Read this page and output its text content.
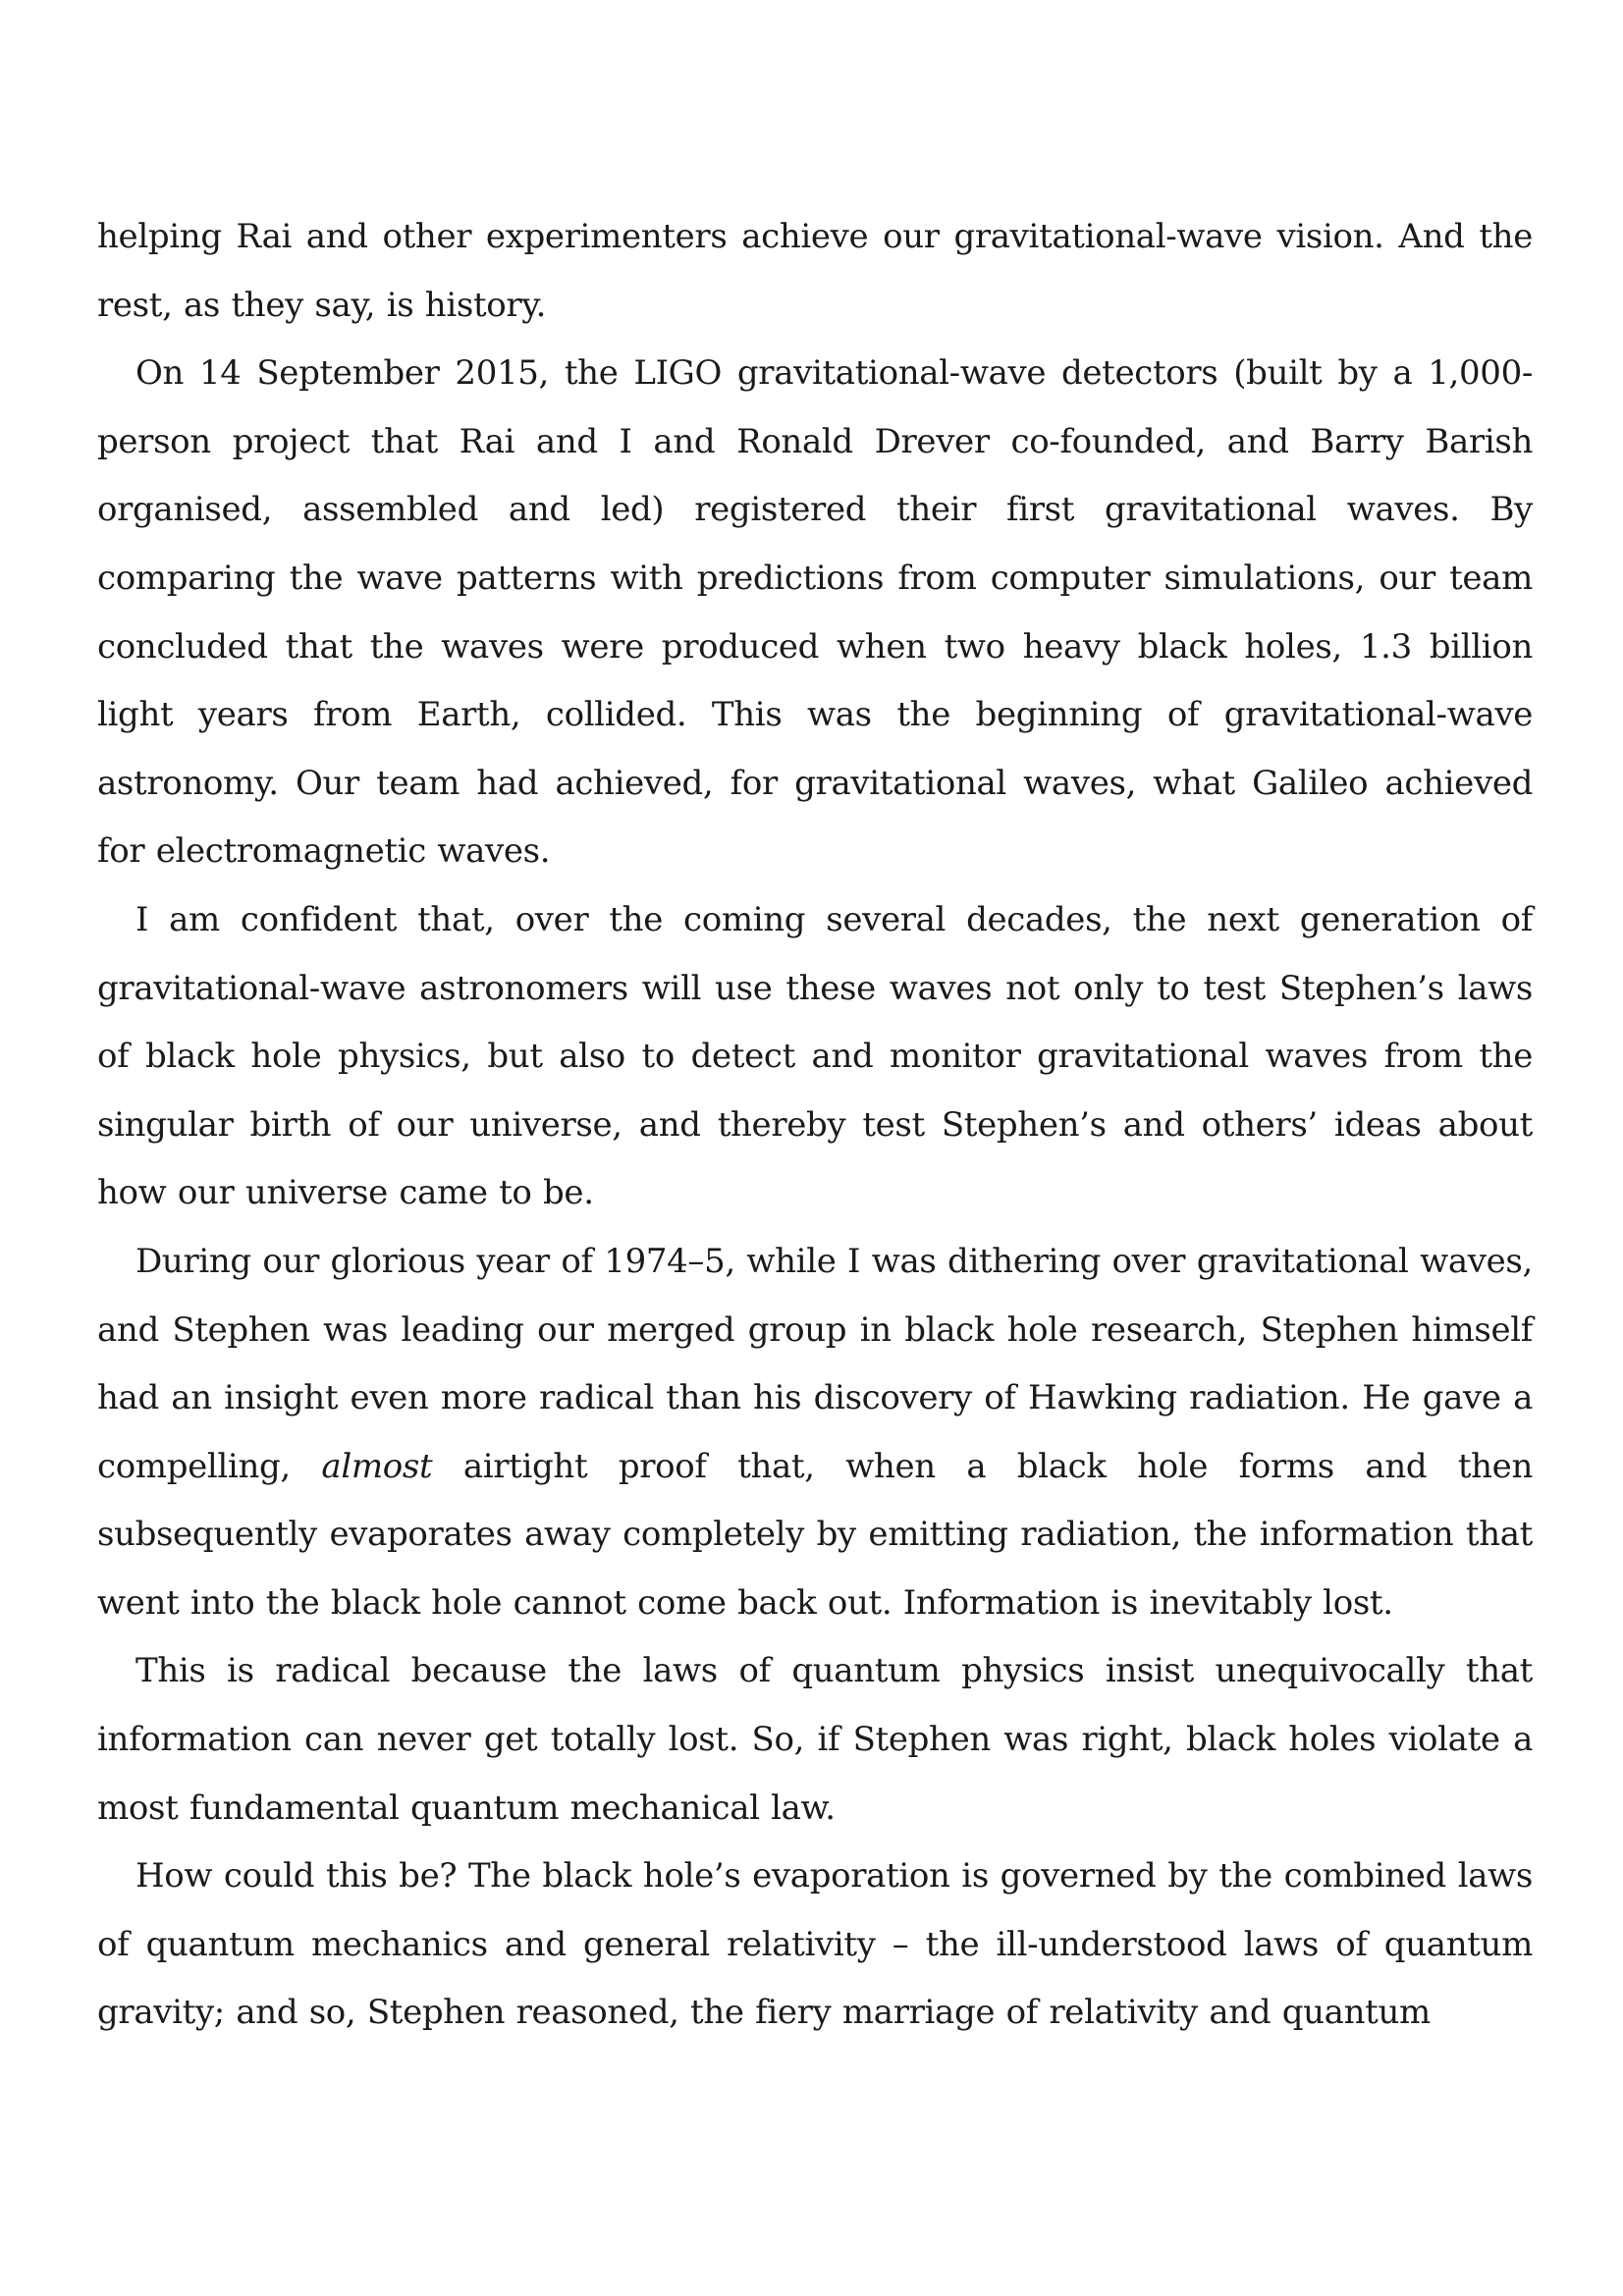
helping Rai and other experimenters achieve our gravitational-wave vision. And the rest, as they say, is history.

On 14 September 2015, the LIGO gravitational-wave detectors (built by a 1,000-person project that Rai and I and Ronald Drever co-founded, and Barry Barish organised, assembled and led) registered their first gravitational waves. By comparing the wave patterns with predictions from computer simulations, our team concluded that the waves were produced when two heavy black holes, 1.3 billion light years from Earth, collided. This was the beginning of gravitational-wave astronomy. Our team had achieved, for gravitational waves, what Galileo achieved for electromagnetic waves.

I am confident that, over the coming several decades, the next generation of gravitational-wave astronomers will use these waves not only to test Stephen’s laws of black hole physics, but also to detect and monitor gravitational waves from the singular birth of our universe, and thereby test Stephen’s and others’ ideas about how our universe came to be.

During our glorious year of 1974–5, while I was dithering over gravitational waves, and Stephen was leading our merged group in black hole research, Stephen himself had an insight even more radical than his discovery of Hawking radiation. He gave a compelling, almost airtight proof that, when a black hole forms and then subsequently evaporates away completely by emitting radiation, the information that went into the black hole cannot come back out. Information is inevitably lost.

This is radical because the laws of quantum physics insist unequivocally that information can never get totally lost. So, if Stephen was right, black holes violate a most fundamental quantum mechanical law.

How could this be? The black hole’s evaporation is governed by the combined laws of quantum mechanics and general relativity – the ill-understood laws of quantum gravity; and so, Stephen reasoned, the fiery marriage of relativity and quantum
